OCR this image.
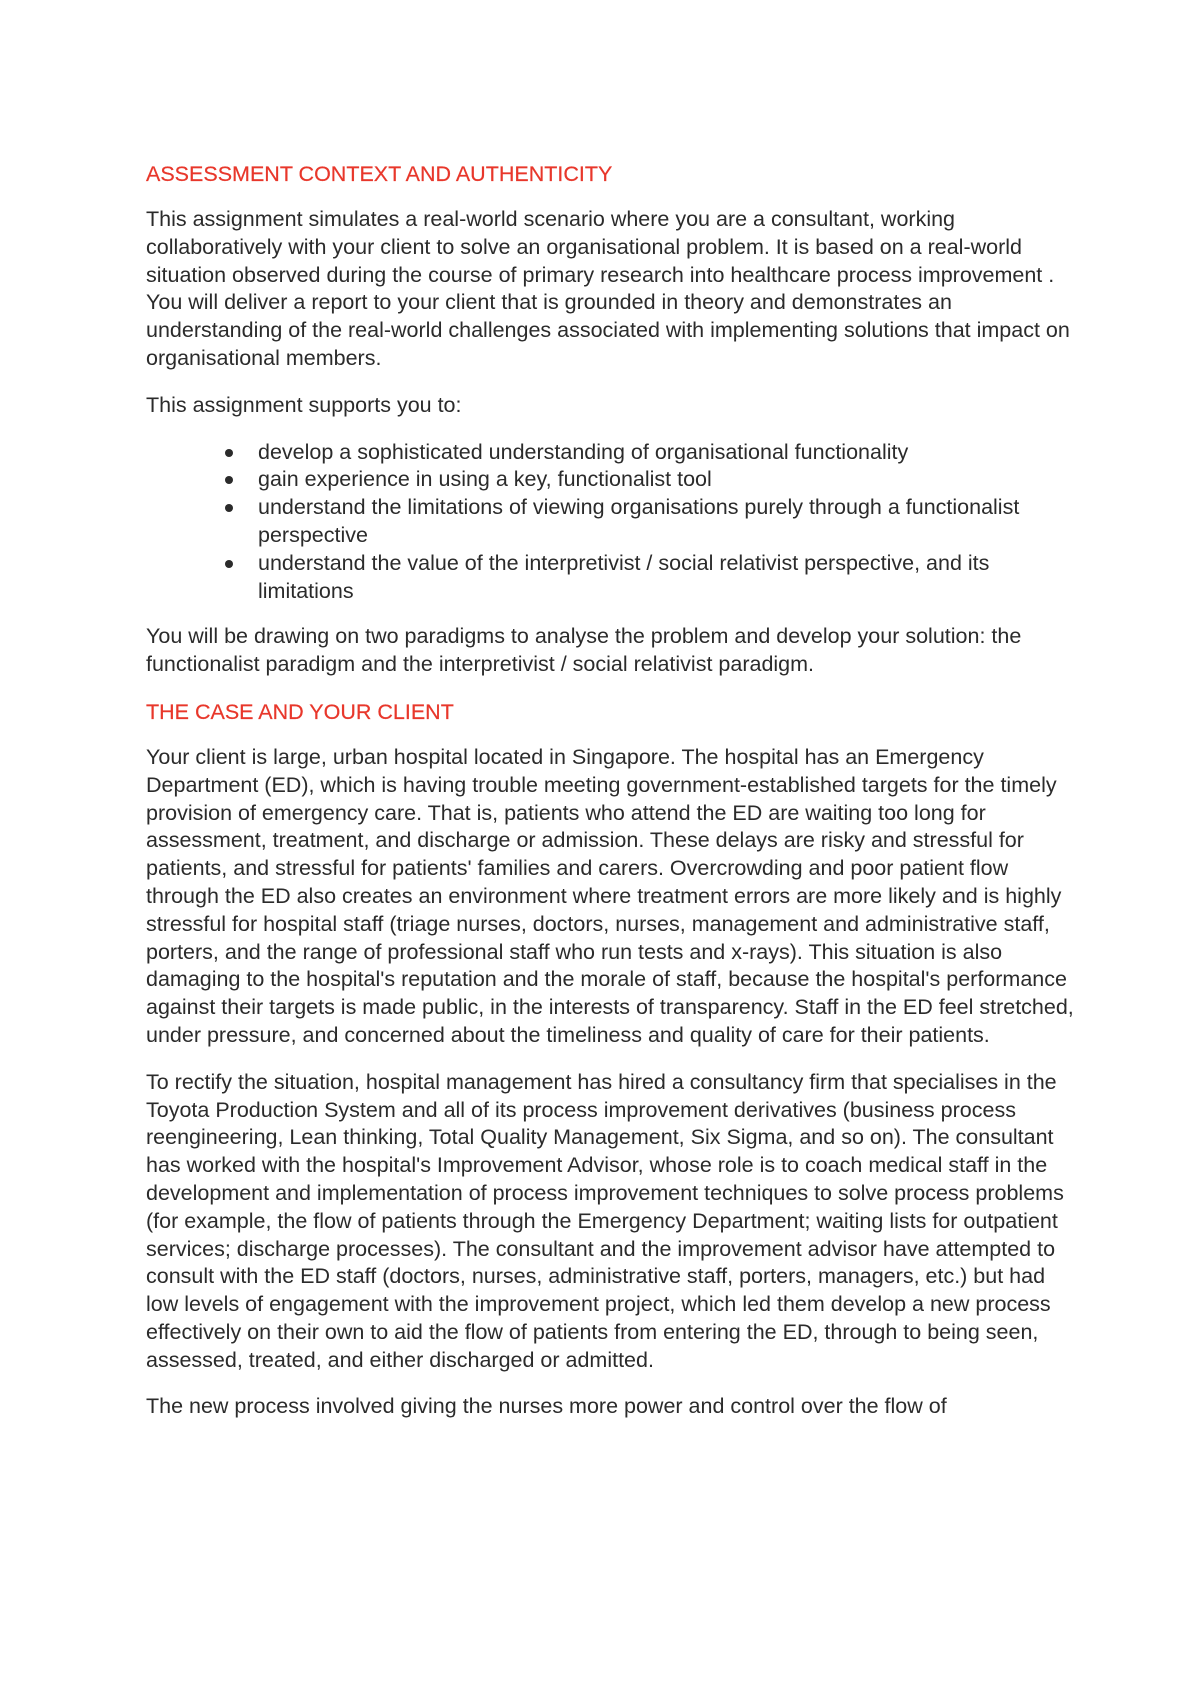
ASSESSMENT CONTEXT AND AUTHENTICITY

This assignment simulates a real-world scenario where you are a consultant, working collaboratively with your client to solve an organisational problem. It is based on a real-world situation observed during the course of primary research into healthcare process improvement . You will deliver a report to your client that is grounded in theory and demonstrates an understanding of the real-world challenges associated with implementing solutions that impact on organisational members.

This assignment supports you to:

develop a sophisticated understanding of organisational functionality
gain experience in using a key, functionalist tool
understand the limitations of viewing organisations purely through a functionalist perspective
understand the value of the interpretivist / social relativist perspective, and its limitations

You will be drawing on two paradigms to analyse the problem and develop your solution: the functionalist paradigm and the interpretivist / social relativist paradigm.

THE CASE AND YOUR CLIENT

Your client is large, urban hospital located in Singapore. The hospital has an Emergency Department (ED), which is having trouble meeting government-established targets for the timely provision of emergency care. That is, patients who attend the ED are waiting too long for assessment, treatment, and discharge or admission. These delays are risky and stressful for patients, and stressful for patients' families and carers. Overcrowding and poor patient flow through the ED also creates an environment where treatment errors are more likely and is highly stressful for hospital staff (triage nurses, doctors, nurses, management and administrative staff, porters, and the range of professional staff who run tests and x-rays). This situation is also damaging to the hospital's reputation and the morale of staff, because the hospital's performance against their targets is made public, in the interests of transparency. Staff in the ED feel stretched, under pressure, and concerned about the timeliness and quality of care for their patients.

To rectify the situation, hospital management has hired a consultancy firm that specialises in the Toyota Production System and all of its process improvement derivatives (business process reengineering, Lean thinking, Total Quality Management, Six Sigma, and so on). The consultant has worked with the hospital's Improvement Advisor, whose role is to coach medical staff in the development and implementation of process improvement techniques to solve process problems (for example, the flow of patients through the Emergency Department; waiting lists for outpatient services; discharge processes). The consultant and the improvement advisor have attempted to consult with the ED staff (doctors, nurses, administrative staff, porters, managers, etc.) but had low levels of engagement with the improvement project, which led them develop a new process effectively on their own to aid the flow of patients from entering the ED, through to being seen, assessed, treated, and either discharged or admitted.

The new process involved giving the nurses more power and control over the flow of
